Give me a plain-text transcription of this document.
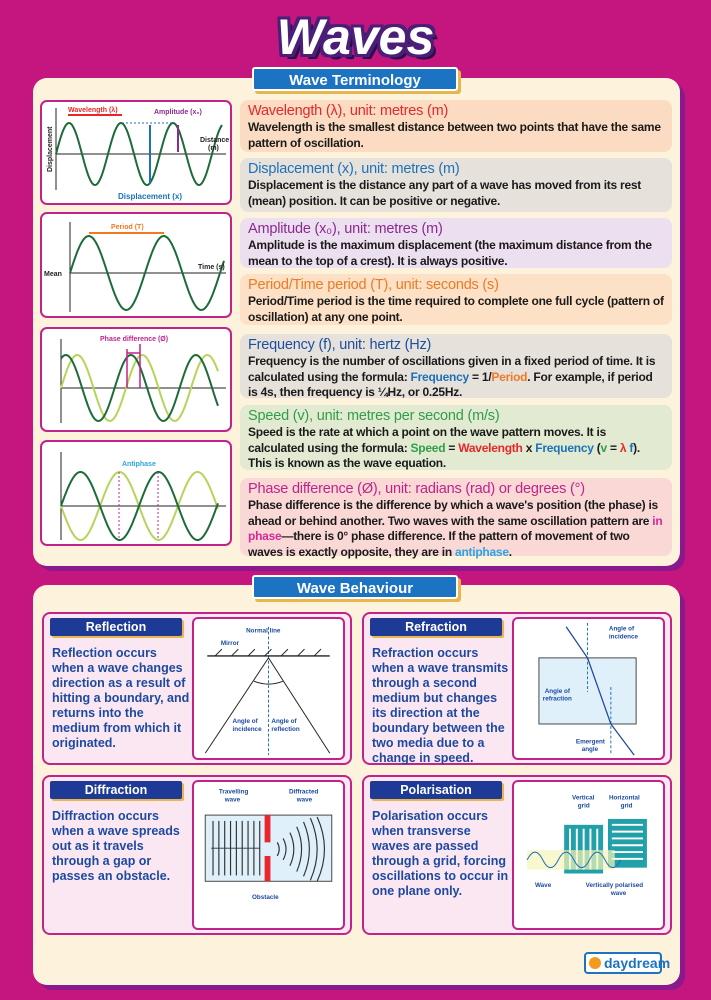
Waves
Wave Terminology
Wavelength (λ)	Amplitude (x₀)
Distance
(m)
Displacement (x)
Displacement
Period (T)
Mean
Time (s)
Phase difference (Ø)
Antiphase
Wavelength (λ), unit: metres (m)

Wavelength is the smallest distance between two points that have the same pattern of oscillation.

Displacement (x), unit: metres (m)

Displacement is the distance any part of a wave has moved from its rest (mean) position. It can be positive or negative.

Amplitude (x₀), unit: metres (m)

Amplitude is the maximum displacement (the maximum distance from the mean to the top of a crest). It is always positive.

Period/Time period (T), unit: seconds (s)

Period/Time period is the time required to complete one full cycle (pattern of oscillation) at any one point.

Frequency (f), unit: hertz (Hz)

Frequency is the number of oscillations given in a fixed period of time. It is calculated using the formula: Frequency = 1/Period. For example, if period is 4s, then frequency is ¼Hz, or 0.25Hz.

Speed (v), unit: metres per second (m/s)

Speed is the rate at which a point on the wave pattern moves. It is calculated using the formula: Speed = Wavelength x Frequency (v = λ f). This is known as the wave equation.

Phase difference (Ø), unit: radians (rad) or degrees (°)

Phase difference is the difference by which a wave's position (the phase) is ahead or behind another. Two waves with the same oscillation pattern are in phase—there is 0° phase difference. If the pattern of movement of two waves is exactly opposite, they are in antiphase.

Wave Behaviour
Reflection
Reflection occurs when a wave changes direction as a result of hitting a boundary, and returns into the medium from which it originated.
Normal line
Mirror
Angle of
incidence
Angle of
reflection
Refraction
Refraction occurs when a wave transmits through a second medium but changes its direction at the boundary between the two media due to a change in speed.
Angle of
incidence
Angle of
refraction
Emergent
angle
Diffraction
Diffraction occurs when a wave spreads out as it travels through a gap or passes an obstacle.
Travelling
wave
Diffracted
wave
Obstacle
Polarisation
Polarisation occurs when transverse waves are passed through a grid, forcing oscillations to occur in one plane only.
Vertical
grid
Horizontal
grid
Wave	Vertically polarised
wave
daydream
